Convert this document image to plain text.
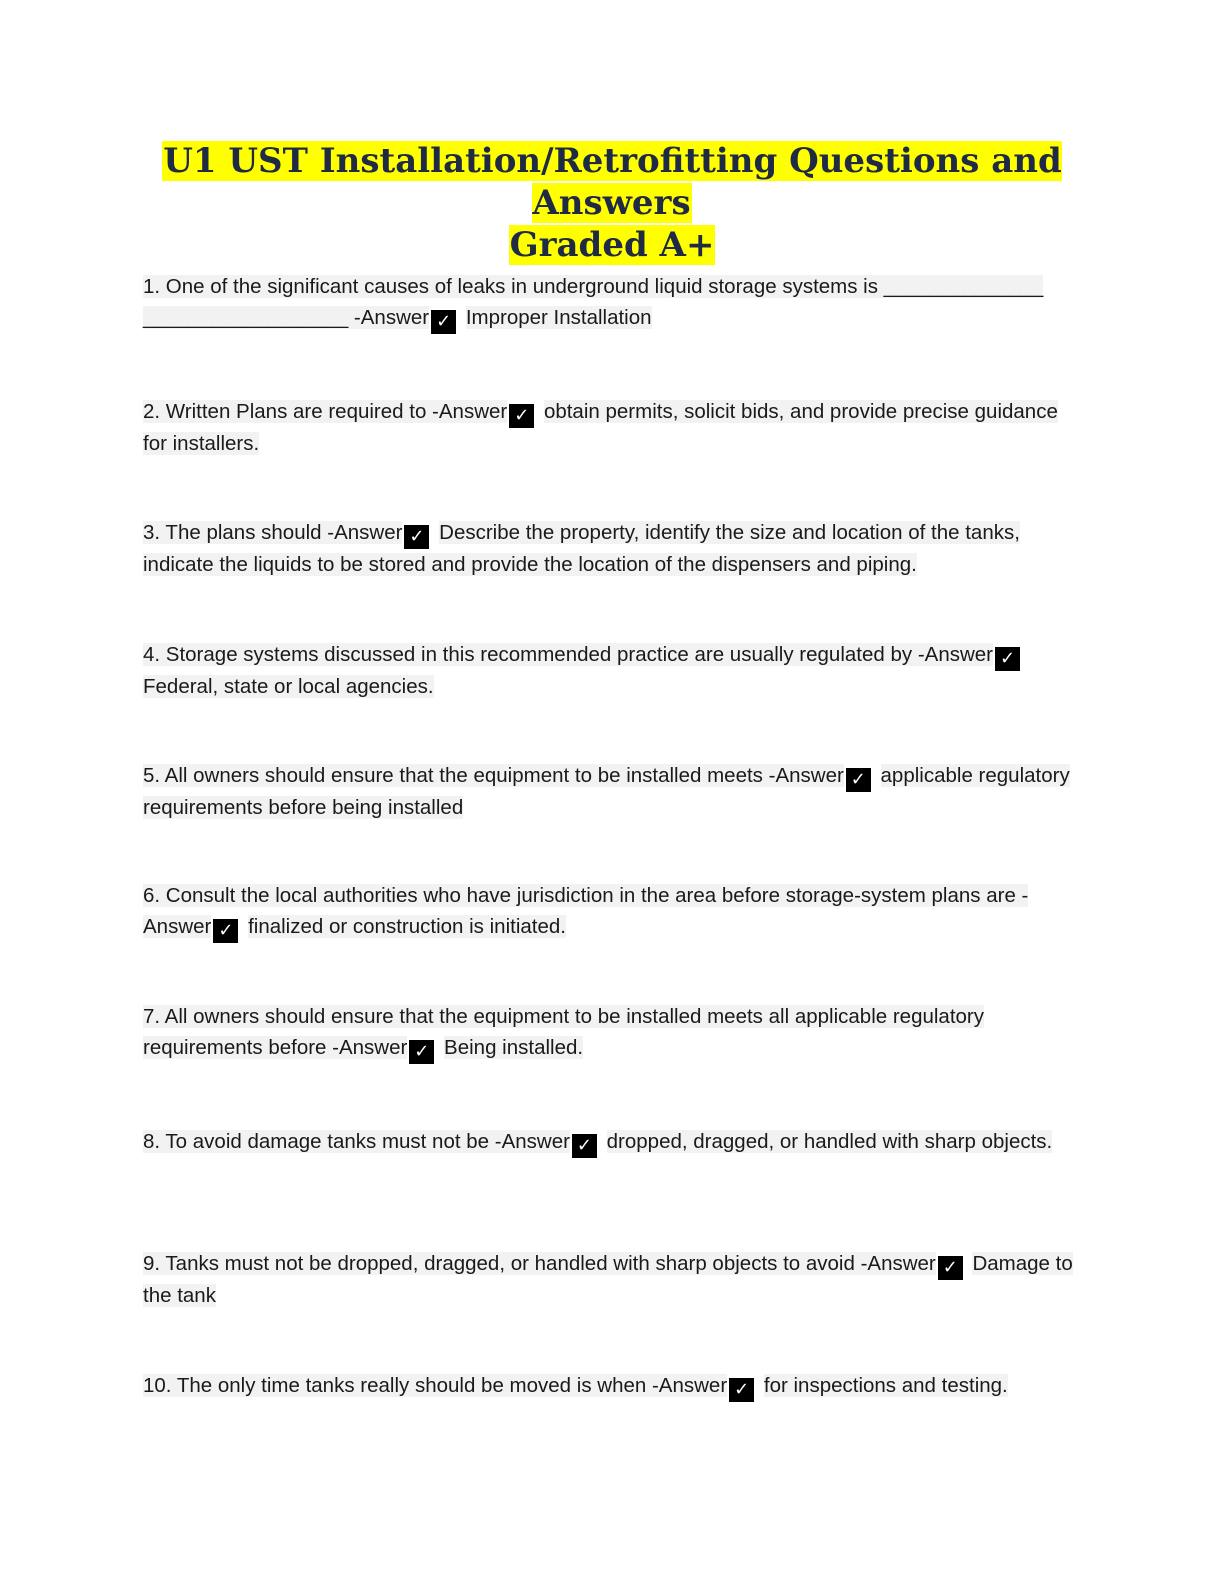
U1 UST Installation/Retrofitting Questions and Answers
Graded A+
1. One of the significant causes of leaks in underground liquid storage systems is ______________ __________________ -Answer ✓ Improper Installation
2. Written Plans are required to -Answer ✓ obtain permits, solicit bids, and provide precise guidance for installers.
3. The plans should -Answer ✓ Describe the property, identify the size and location of the tanks, indicate the liquids to be stored and provide the location of the dispensers and piping.
4. Storage systems discussed in this recommended practice are usually regulated by -Answer ✓ Federal, state or local agencies.
5. All owners should ensure that the equipment to be installed meets -Answer ✓ applicable regulatory requirements before being installed
6. Consult the local authorities who have jurisdiction in the area before storage-system plans are -Answer ✓ finalized or construction is initiated.
7. All owners should ensure that the equipment to be installed meets all applicable regulatory requirements before -Answer ✓ Being installed.
8. To avoid damage tanks must not be -Answer ✓ dropped, dragged, or handled with sharp objects.
9. Tanks must not be dropped, dragged, or handled with sharp objects to avoid -Answer ✓ Damage to the tank
10. The only time tanks really should be moved is when -Answer ✓ for inspections and testing.
